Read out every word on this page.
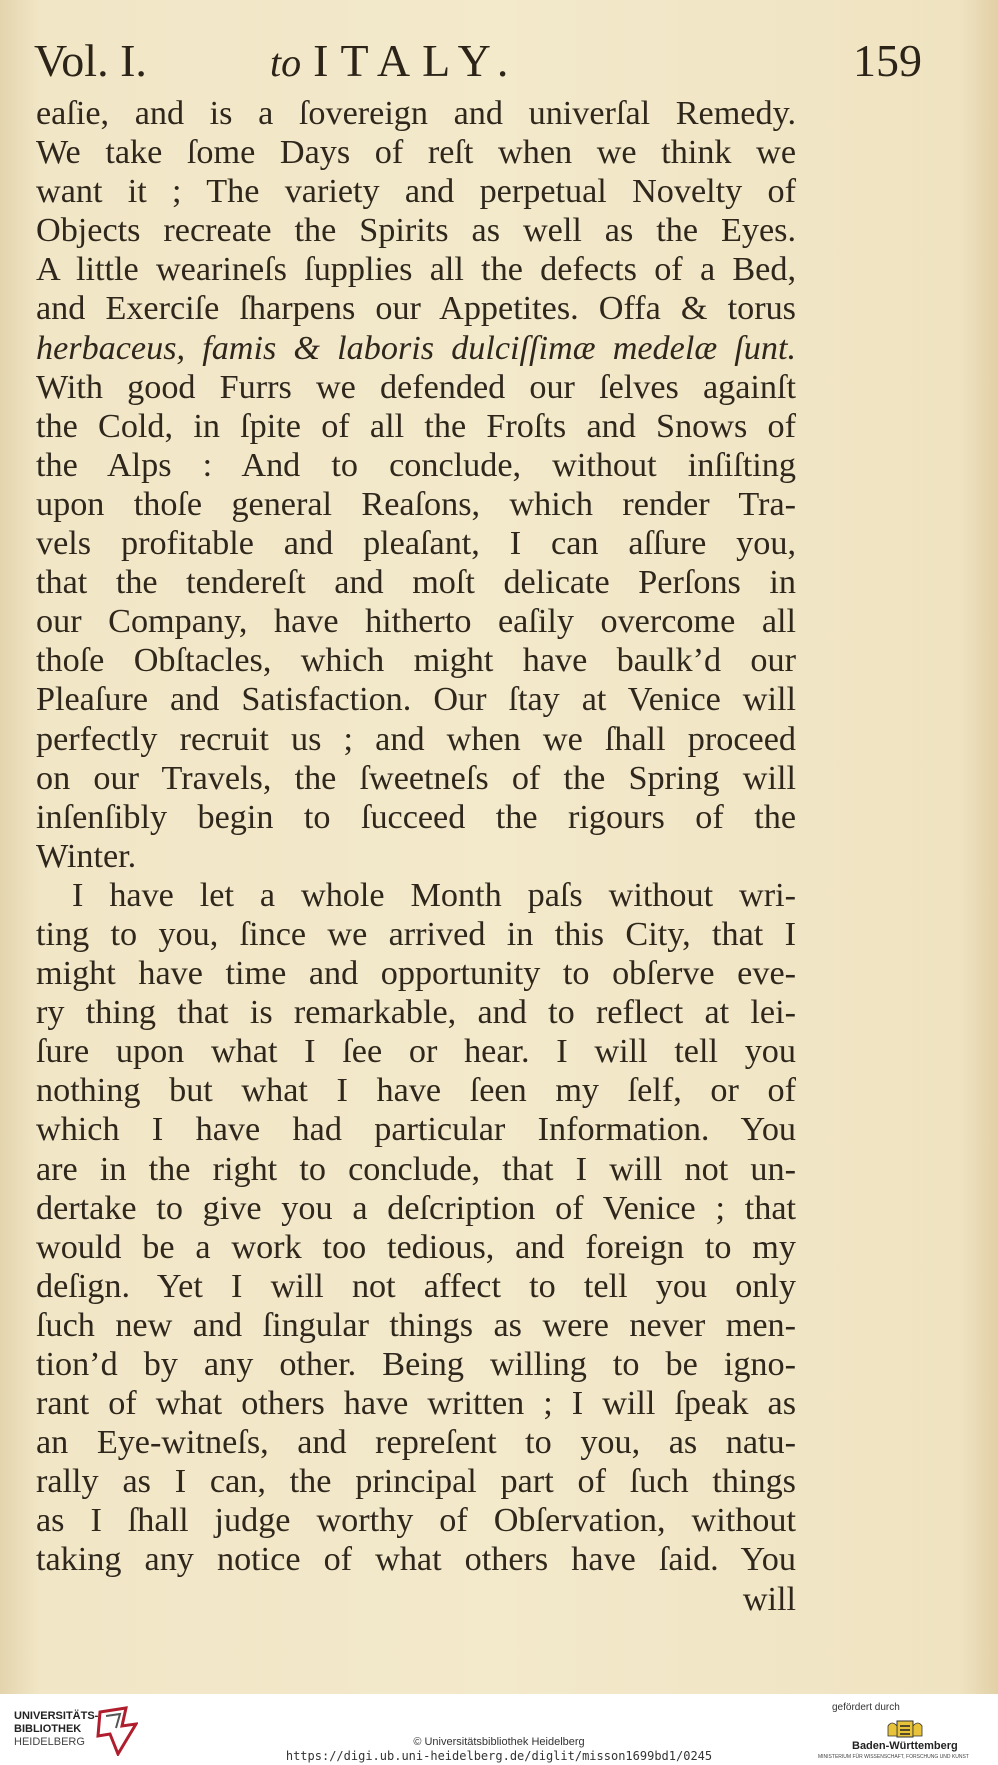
Vol. I.	to ITALY.	159
eaſie, and is a ſovereign and univerſal Remedy.
We take ſome Days of reſt when we think we
want it ; The variety and perpetual Novelty of
Objects recreate the Spirits as well as the Eyes.
A little wearineſs ſupplies all the defects of a Bed,
and Exerciſe ſharpens our Appetites. Offa & torus
herbaceus, famis & laboris dulciſſimæ medelæ ſunt.
With good Furrs we defended our ſelves againſt
the Cold, in ſpite of all the Froſts and Snows of
the Alps : And to conclude, without inſiſting
upon thoſe general Reaſons, which render Tra-
vels profitable and pleaſant, I can aſſure you,
that the tendereſt and moſt delicate Perſons in
our Company, have hitherto eaſily overcome all
thoſe Obſtacles, which might have baulk’d our
Pleaſure and Satisfaction. Our ſtay at Venice will
perfectly recruit us ; and when we ſhall proceed
on our Travels, the ſweetneſs of the Spring will
inſenſibly begin to ſucceed the rigours of the
Winter.
I have let a whole Month paſs without wri-
ting to you, ſince we arrived in this City, that I
might have time and opportunity to obſerve eve-
ry thing that is remarkable, and to reflect at lei-
ſure upon what I ſee or hear. I will tell you
nothing but what I have ſeen my ſelf, or of
which I have had particular Information. You
are in the right to conclude, that I will not un-
dertake to give you a deſcription of Venice ; that
would be a work too tedious, and foreign to my
deſign. Yet I will not affect to tell you only
ſuch new and ſingular things as were never men-
tion’d by any other. Being willing to be igno-
rant of what others have written ; I will ſpeak as
an Eye-witneſs, and repreſent to you, as natu-
rally as I can, the principal part of ſuch things
as I ſhall judge worthy of Obſervation, without
taking any notice of what others have ſaid. You
will
UNIVERSITÄTS-
BIBLIOTHEK
HEIDELBERG	© Universitätsbibliothek Heidelberg
https://digi.ub.uni-heidelberg.de/diglit/misson1699bd1/0245
gefördert durch
Baden-Württemberg
MINISTERIUM FÜR WISSENSCHAFT, FORSCHUNG UND KUNST
